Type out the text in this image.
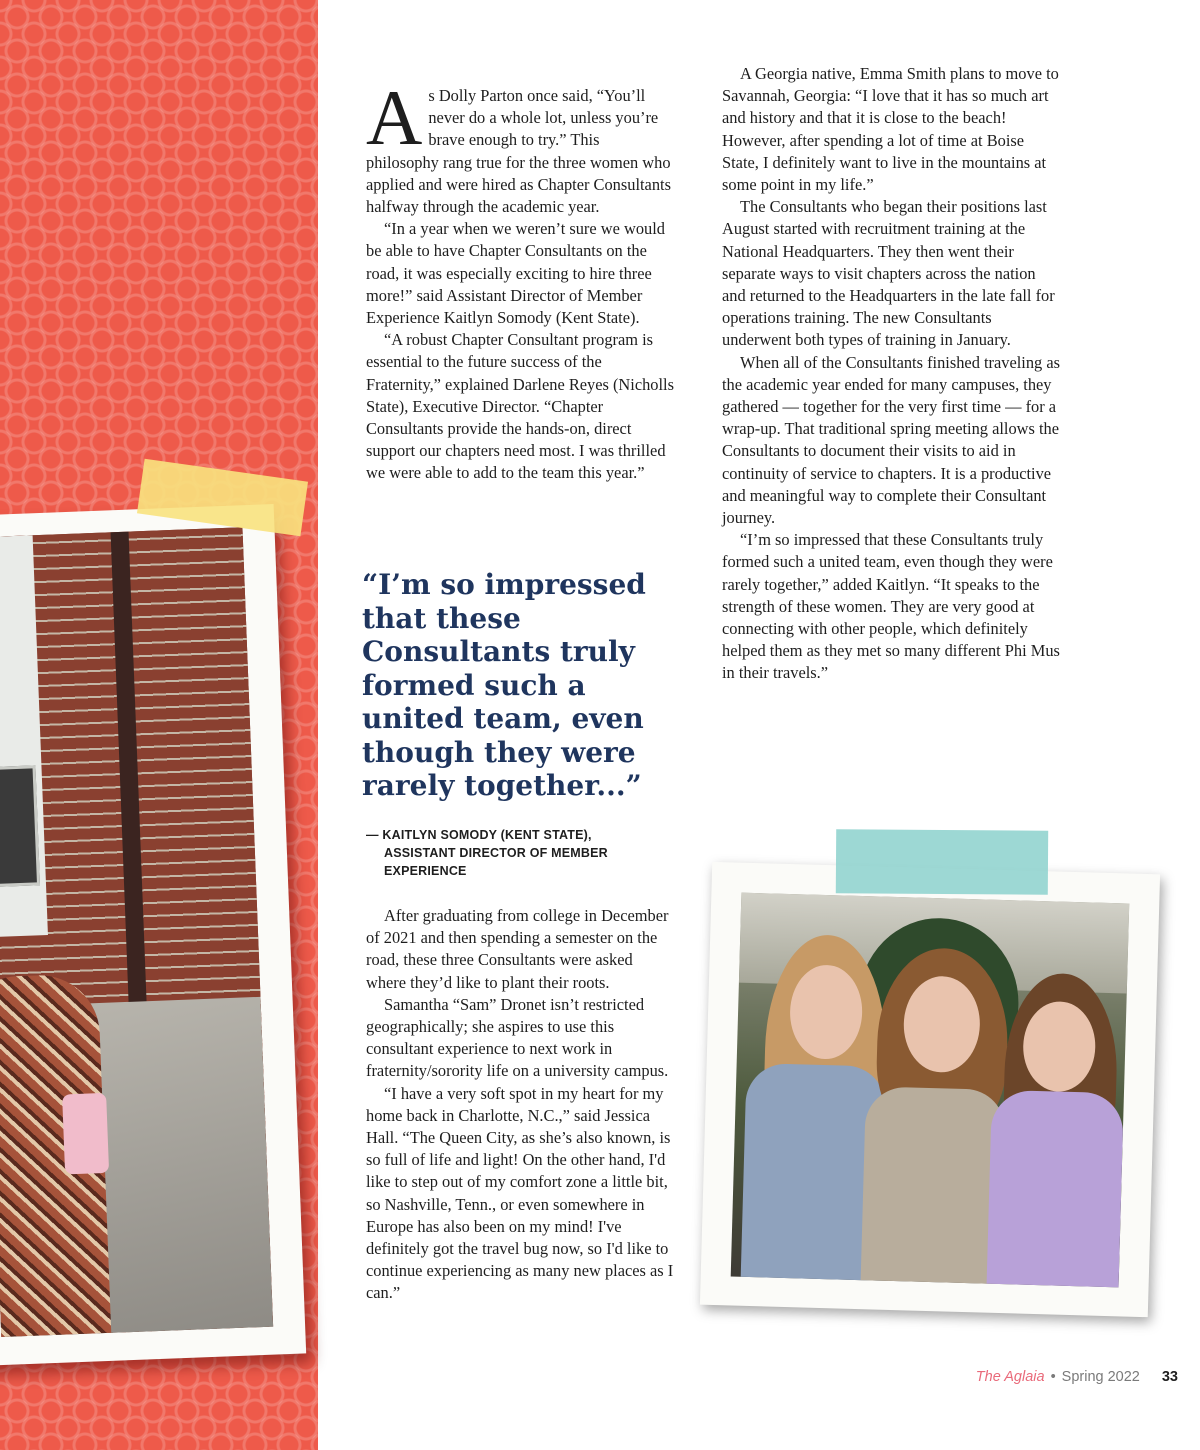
As Dolly Parton once said, “You’ll never do a whole lot, unless you’re brave enough to try.” This philosophy rang true for the three women who applied and were hired as Chapter Consultants halfway through the academic year.

“In a year when we weren’t sure we would be able to have Chapter Consultants on the road, it was especially exciting to hire three more!” said Assistant Director of Member Experience Kaitlyn Somody (Kent State).

“A robust Chapter Consultant program is essential to the future success of the Fraternity,” explained Darlene Reyes (Nicholls State), Executive Director. “Chapter Consultants provide the hands-on, direct support our chapters need most. I was thrilled we were able to add to the team this year.”

“I’m so impressed that these Consultants truly formed such a united team, even though they were rarely together...”
— KAITLYN SOMODY (KENT STATE),
ASSISTANT DIRECTOR OF MEMBER EXPERIENCE

After graduating from college in December of 2021 and then spending a semester on the road, these three Consultants were asked where they’d like to plant their roots.

Samantha “Sam” Dronet isn’t restricted geographically; she aspires to use this consultant experience to next work in fraternity/sorority life on a university campus.

“I have a very soft spot in my heart for my home back in Charlotte, N.C.,” said Jessica Hall. “The Queen City, as she’s also known, is so full of life and light! On the other hand, I'd like to step out of my comfort zone a little bit, so Nashville, Tenn., or even somewhere in Europe has also been on my mind! I've definitely got the travel bug now, so I'd like to continue experiencing as many new places as I can.”

A Georgia native, Emma Smith plans to move to Savannah, Georgia: “I love that it has so much art and history and that it is close to the beach! However, after spending a lot of time at Boise State, I definitely want to live in the mountains at some point in my life.”

The Consultants who began their positions last August started with recruitment training at the National Headquarters. They then went their separate ways to visit chapters across the nation and returned to the Headquarters in the late fall for operations training. The new Consultants underwent both types of training in January.

When all of the Consultants finished traveling as the academic year ended for many campuses, they gathered — together for the very first time — for a wrap-up. That traditional spring meeting allows the Consultants to document their visits to aid in continuity of service to chapters. It is a productive and meaningful way to complete their Consultant journey.

“I’m so impressed that these Consultants truly formed such a united team, even though they were rarely together,” added Kaitlyn. “It speaks to the strength of these women. They are very good at connecting with other people, which definitely helped them as they met so many different Phi Mus in their travels.”

The Aglaia • Spring 2022 33
